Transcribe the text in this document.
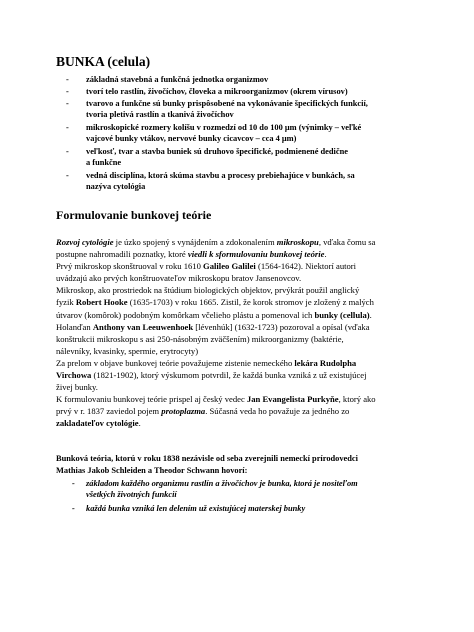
BUNKA (celula)
-	základná stavebná a funkčná jednotka organizmov
-	tvorí telo rastlín, živočíchov, človeka a mikroorganizmov (okrem vírusov)
-	tvarovo a funkčne sú bunky prispôsobené na vykonávanie špecifických funkcií,
tvoria pletivá rastlín a tkanivá živočíchov
-	mikroskopické rozmery kolíšu v rozmedzí od 10 do 100 μm (výnimky – veľké
vajcové bunky vtákov, nervové bunky cicavcov – cca 4 μm)
-	veľkosť, tvar a stavba buniek sú druhovo špecifické, podmienené dedične
a funkčne
-	vedná disciplína, ktorá skúma stavbu a procesy prebiehajúce v bunkách, sa
nazýva cytológia
Formulovanie bunkovej teórie
Rozvoj cytológie je úzko spojený s vynájdením a zdokonalením mikroskopu, vďaka čomu sa
postupne nahromadili poznatky, ktoré viedli k sformulovaniu bunkovej teórie.
Prvý mikroskop skonštruoval v roku 1610 Galileo Galilei (1564-1642). Niektorí autori
uvádzajú ako prvých konštruovateľov mikroskopu bratov Jansenovcov.
Mikroskop, ako prostriedok na štúdium biologických objektov, prvýkrát použil anglický
fyzik Robert Hooke (1635-1703) v roku 1665. Zistil, že korok stromov je zložený z malých
útvarov (komôrok) podobným komôrkam včelieho plástu a pomenoval ich bunky (cellula).
Holanďan Anthony van Leeuwenhoek [lévenhúk] (1632-1723) pozoroval a opísal (vďaka
konštrukcii mikroskopu s asi 250-násobným zväčšením) mikroorganizmy (baktérie,
nálevníky, kvasinky, spermie, erytrocyty)
Za prelom v objave bunkovej teórie považujeme zistenie nemeckého lekára Rudolpha
Virchowa (1821-1902), ktorý výskumom potvrdil, že každá bunka vzniká z už existujúcej
živej bunky.
K formulovaniu bunkovej teórie prispel aj český vedec Jan Evangelista Purkyňe, ktorý ako
prvý v r. 1837 zaviedol pojem protoplazma. Súčasná veda ho považuje za jedného zo
zakladateľov cytológie.
Bunková teória, ktorú v roku 1838 nezávisle od seba zverejnili nemeckí prírodovedci
Mathias Jakob Schleiden a Theodor Schwann hovorí:
-	základom každého organizmu rastlín a živočíchov je bunka, ktorá je nositeľom
všetkých životných funkcií
-	každá bunka vzniká len delením už existujúcej materskej bunky
